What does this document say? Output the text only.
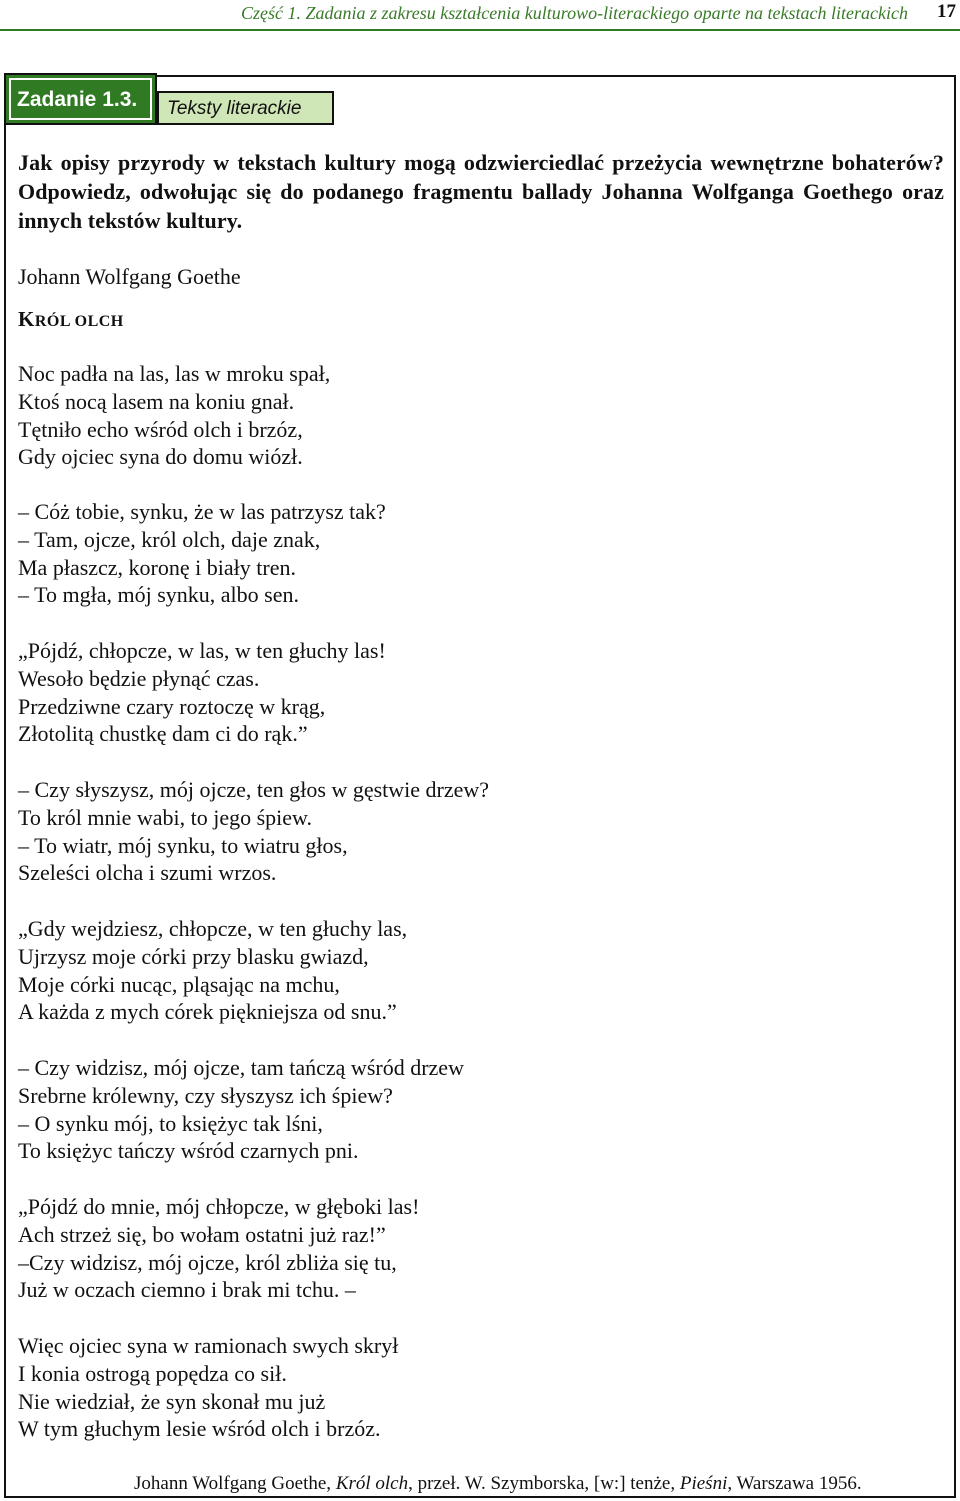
Część 1. Zadania z zakresu kształcenia kulturowo-literackiego oparte na tekstach literackich 17
Zadanie 1.3. Teksty literackie
Jak opisy przyrody w tekstach kultury mogą odzwierciedlać przeżycia wewnętrzne bohaterów? Odpowiedz, odwołując się do podanego fragmentu ballady Johanna Wolfganga Goethego oraz innych tekstów kultury.
Johann Wolfgang Goethe
KRÓL OLCH
Noc padła na las, las w mroku spał,
Ktoś nocą lasem na koniu gnał.
Tętniło echo wśród olch i brzóz,
Gdy ojciec syna do domu wiózł.
– Cóż tobie, synku, że w las patrzysz tak?
– Tam, ojcze, król olch, daje znak,
Ma płaszcz, koronę i biały tren.
– To mgła, mój synku, albo sen.
„Pójdź, chłopcze, w las, w ten głuchy las!
Wesoło będzie płynąć czas.
Przedziwne czary roztoczę w krąg,
Złotolitą chustkę dam ci do rąk.”
– Czy słyszysz, mój ojcze, ten głos w gęstwie drzew?
To król mnie wabi, to jego śpiew.
– To wiatr, mój synku, to wiatru głos,
Szeleści olcha i szumi wrzos.
„Gdy wejdziesz, chłopcze, w ten głuchy las,
Ujrzysz moje córki przy blasku gwiazd,
Moje córki nucąc, pląsając na mchu,
A każda z mych córek piękniejsza od snu.”
– Czy widzisz, mój ojcze, tam tańczą wśród drzew
Srebrne królewny, czy słyszysz ich śpiew?
– O synku mój, to księżyc tak lśni,
To księżyc tańczy wśród czarnych pni.
„Pójdź do mnie, mój chłopcze, w głęboki las!
Ach strzeż się, bo wołam ostatni już raz!”
–Czy widzisz, mój ojcze, król zbliża się tu,
Już w oczach ciemno i brak mi tchu. –
Więc ojciec syna w ramionach swych skrył
I konia ostrogą popędza co sił.
Nie wiedział, że syn skonał mu już
W tym głuchym lesie wśród olch i brzóz.
Johann Wolfgang Goethe, Król olch, przeł. W. Szymborska, [w:] tenże, Pieśni, Warszawa 1956.
